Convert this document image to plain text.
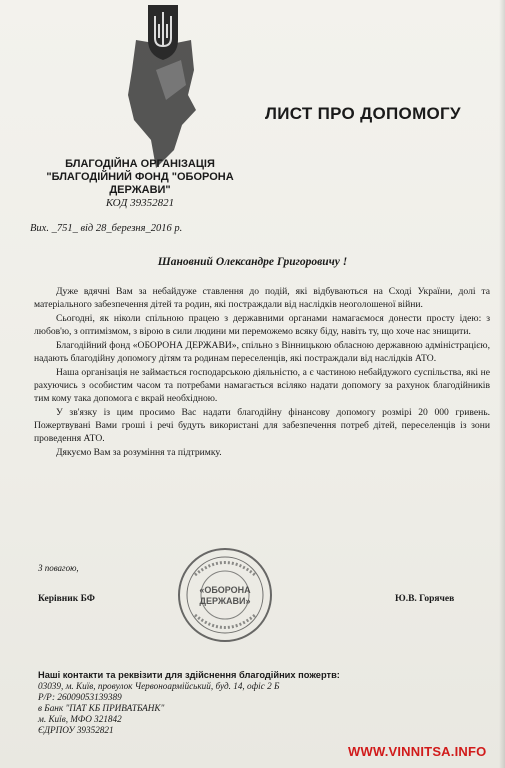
ЛИСТ ПРО ДОПОМОГУ
БЛАГОДІЙНА ОРГАНІЗАЦІЯ
"БЛАГОДІЙНИЙ ФОНД "ОБОРОНА
ДЕРЖАВИ"
КОД 39352821
Вих. _751_ від 28_березня_2016 р.
Шановний Олександре Григоровичу !

Дуже вдячні Вам за небайдуже ставлення до подій, які відбуваються на Сході України, долі та матеріального забезпечення дітей та родин, які постраждали від наслідків неоголошеної війни.

Сьогодні, як ніколи спільною працею з державними органами намагаємося донести просту ідею: з любов'ю, з оптимізмом, з вірою в сили людини ми переможемо всяку біду, навіть ту, що хоче нас знищити.

Благодійний фонд «ОБОРОНА ДЕРЖАВИ», спільно з Вінницькою обласною державною адміністрацією, надають благодійну допомогу дітям та родинам переселенців, які постраждали від наслідків АТО.

Наша організація не займається господарською діяльністю, а є частиною небайдужого суспільства, які не рахуючись з особистим часом та потребами намагається всіляко надати допомогу за рахунок благодійників тим кому така допомога є вкрай необхідною.

У зв'язку із цим просимо Вас надати благодійну фінансову допомогу розмірі 20 000 гривень. Пожертвувані Вами гроші і речі будуть використані для забезпечення потреб дітей, переселенців із зони проведення АТО.

Дякуємо Вам за розуміння та підтримку.

З повагою,
«ОБОРОНА
ДЕРЖАВИ»
Керівник БФ	Ю.В. Горячев
Наші контакти та реквізити для здійснення благодійних пожертв:
03039, м. Київ, провулок Червоноармійський, буд. 14, офіс 2 Б
Р/Р: 26009053139389
в Банк "ПАТ КБ ПРИВАТБАНК"
м. Київ, МФО 321842
ЄДРПОУ 39352821
WWW.VINNITSA.INFO
